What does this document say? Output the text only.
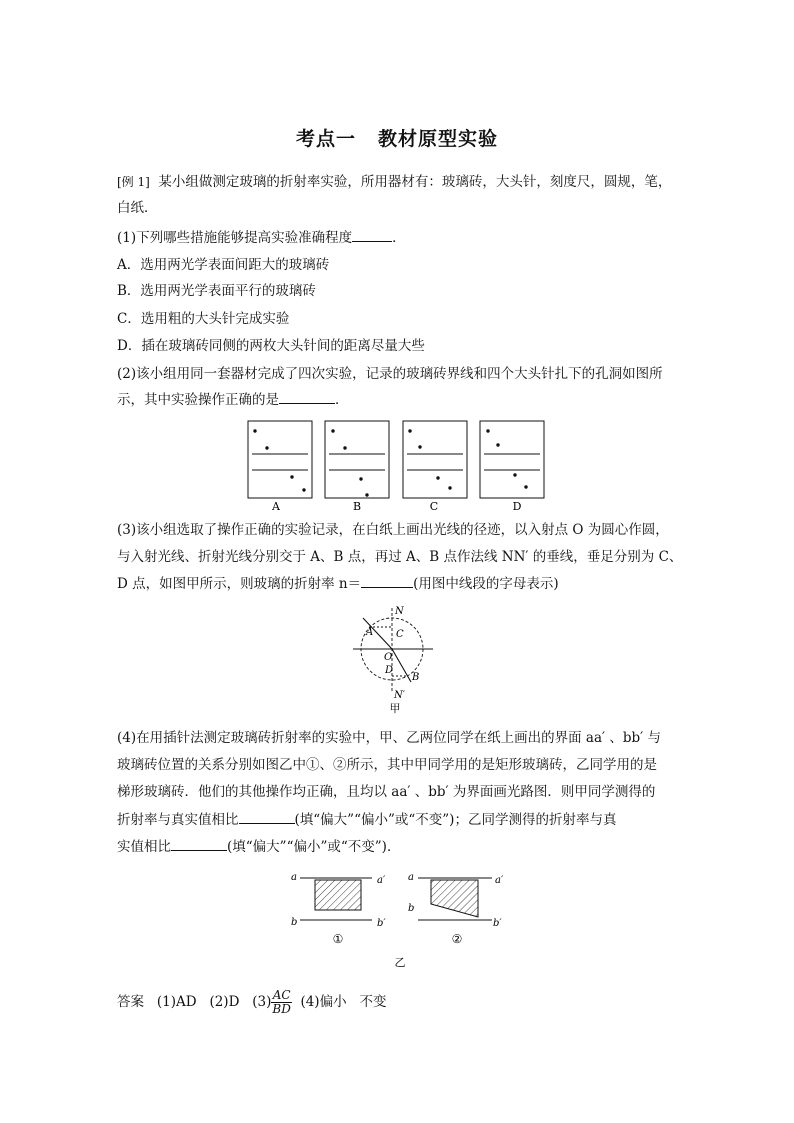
考点一 教材原型实验
[例 1] 某小组做测定玻璃的折射率实验，所用器材有：玻璃砖，大头针，刻度尺，圆规，笔，
白纸．
(1)下列哪些措施能够提高实验准确程度	．
A．选用两光学表面间距大的玻璃砖
B．选用两光学表面平行的玻璃砖
C．选用粗的大头针完成实验
D．插在玻璃砖同侧的两枚大头针间的距离尽量大些
(2)该小组用同一套器材完成了四次实验，记录的玻璃砖界线和四个大头针扎下的孔洞如图所
示，其中实验操作正确的是	．
A	B	C	D
(3)该小组选取了操作正确的实验记录，在白纸上画出光线的径迹，以入射点 O 为圆心作圆，
与入射光线、折射光线分别交于 A、B 点，再过 A、B 点作法线 NN′ 的垂线，垂足分别为 C、
D 点，如图甲所示，则玻璃的折射率 n＝	(用图中线段的字母表示)
N
A C
O
D
B
N′
甲
(4)在用插针法测定玻璃砖折射率的实验中，甲、乙两位同学在纸上画出的界面 aa′ 、bb′ 与
玻璃砖位置的关系分别如图乙中①、②所示，其中甲同学用的是矩形玻璃砖，乙同学用的是
梯形玻璃砖．他们的其他操作均正确，且均以 aa′ 、bb′ 为界面画光路图．则甲同学测得的
折射率与真实值相比	(填“偏大”“偏小”或“不变”)；乙同学测得的折射率与真
实值相比	(填“偏大”“偏小”或“不变”)．
a	a′
b	b′
①
a	a′
b
b′
②
乙
答案 (1)AD (2)D $(3) \frac{AC}{BD} (4)$偏小 不变
